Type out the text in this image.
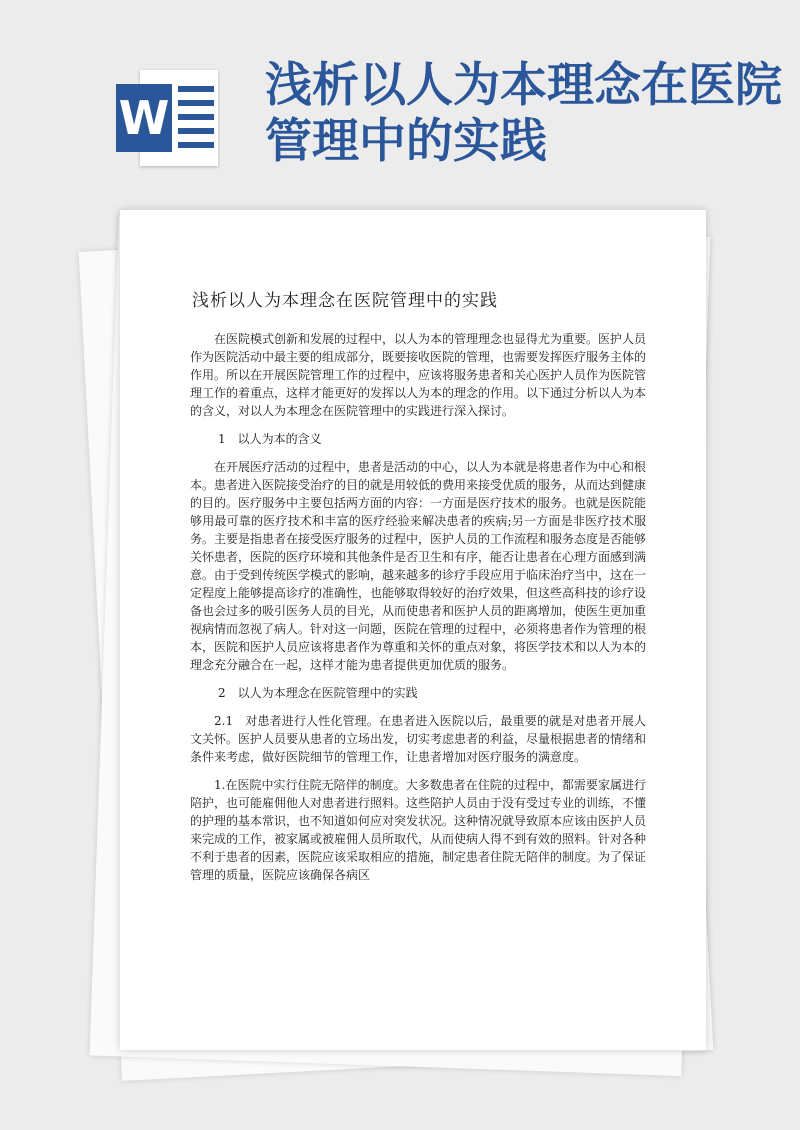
W
浅析以人为本理念在医院管理中的实践
浅析以人为本理念在医院管理中的实践

在医院模式创新和发展的过程中，以人为本的管理理念也显得尤为重要。医护人员作为医院活动中最主要的组成部分，既要接收医院的管理，也需要发挥医疗服务主体的作用。所以在开展医院管理工作的过程中，应该将服务患者和关心医护人员作为医院管理工作的着重点，这样才能更好的发挥以人为本的理念的作用。以下通过分析以人为本的含义，对以人为本理念在医院管理中的实践进行深入探讨。

1　以人为本的含义

在开展医疗活动的过程中，患者是活动的中心，以人为本就是将患者作为中心和根本。患者进入医院接受治疗的目的就是用较低的费用来接受优质的服务，从而达到健康的目的。医疗服务中主要包括两方面的内容：一方面是医疗技术的服务。也就是医院能够用最可靠的医疗技术和丰富的医疗经验来解决患者的疾病;另一方面是非医疗技术服务。主要是指患者在接受医疗服务的过程中，医护人员的工作流程和服务态度是否能够关怀患者，医院的医疗环境和其他条件是否卫生和有序，能否让患者在心理方面感到满意。由于受到传统医学模式的影响，越来越多的诊疗手段应用于临床治疗当中，这在一定程度上能够提高诊疗的准确性，也能够取得较好的治疗效果，但这些高科技的诊疗设备也会过多的吸引医务人员的目光，从而使患者和医护人员的距离增加，使医生更加重视病情而忽视了病人。针对这一问题，医院在管理的过程中，必须将患者作为管理的根本，医院和医护人员应该将患者作为尊重和关怀的重点对象，将医学技术和以人为本的理念充分融合在一起，这样才能为患者提供更加优质的服务。

2　以人为本理念在医院管理中的实践

2.1　对患者进行人性化管理。在患者进入医院以后，最重要的就是对患者开展人文关怀。医护人员要从患者的立场出发，切实考虑患者的利益，尽量根据患者的情绪和条件来考虑，做好医院细节的管理工作，让患者增加对医疗服务的满意度。

1.在医院中实行住院无陪伴的制度。大多数患者在住院的过程中，都需要家属进行陪护，也可能雇佣他人对患者进行照料。这些陪护人员由于没有受过专业的训练，不懂的护理的基本常识，也不知道如何应对突发状况。这种情况就导致原本应该由医护人员来完成的工作，被家属或被雇佣人员所取代，从而使病人得不到有效的照料。针对各种不利于患者的因素，医院应该采取相应的措施，制定患者住院无陪伴的制度。为了保证管理的质量，医院应该确保各病区
